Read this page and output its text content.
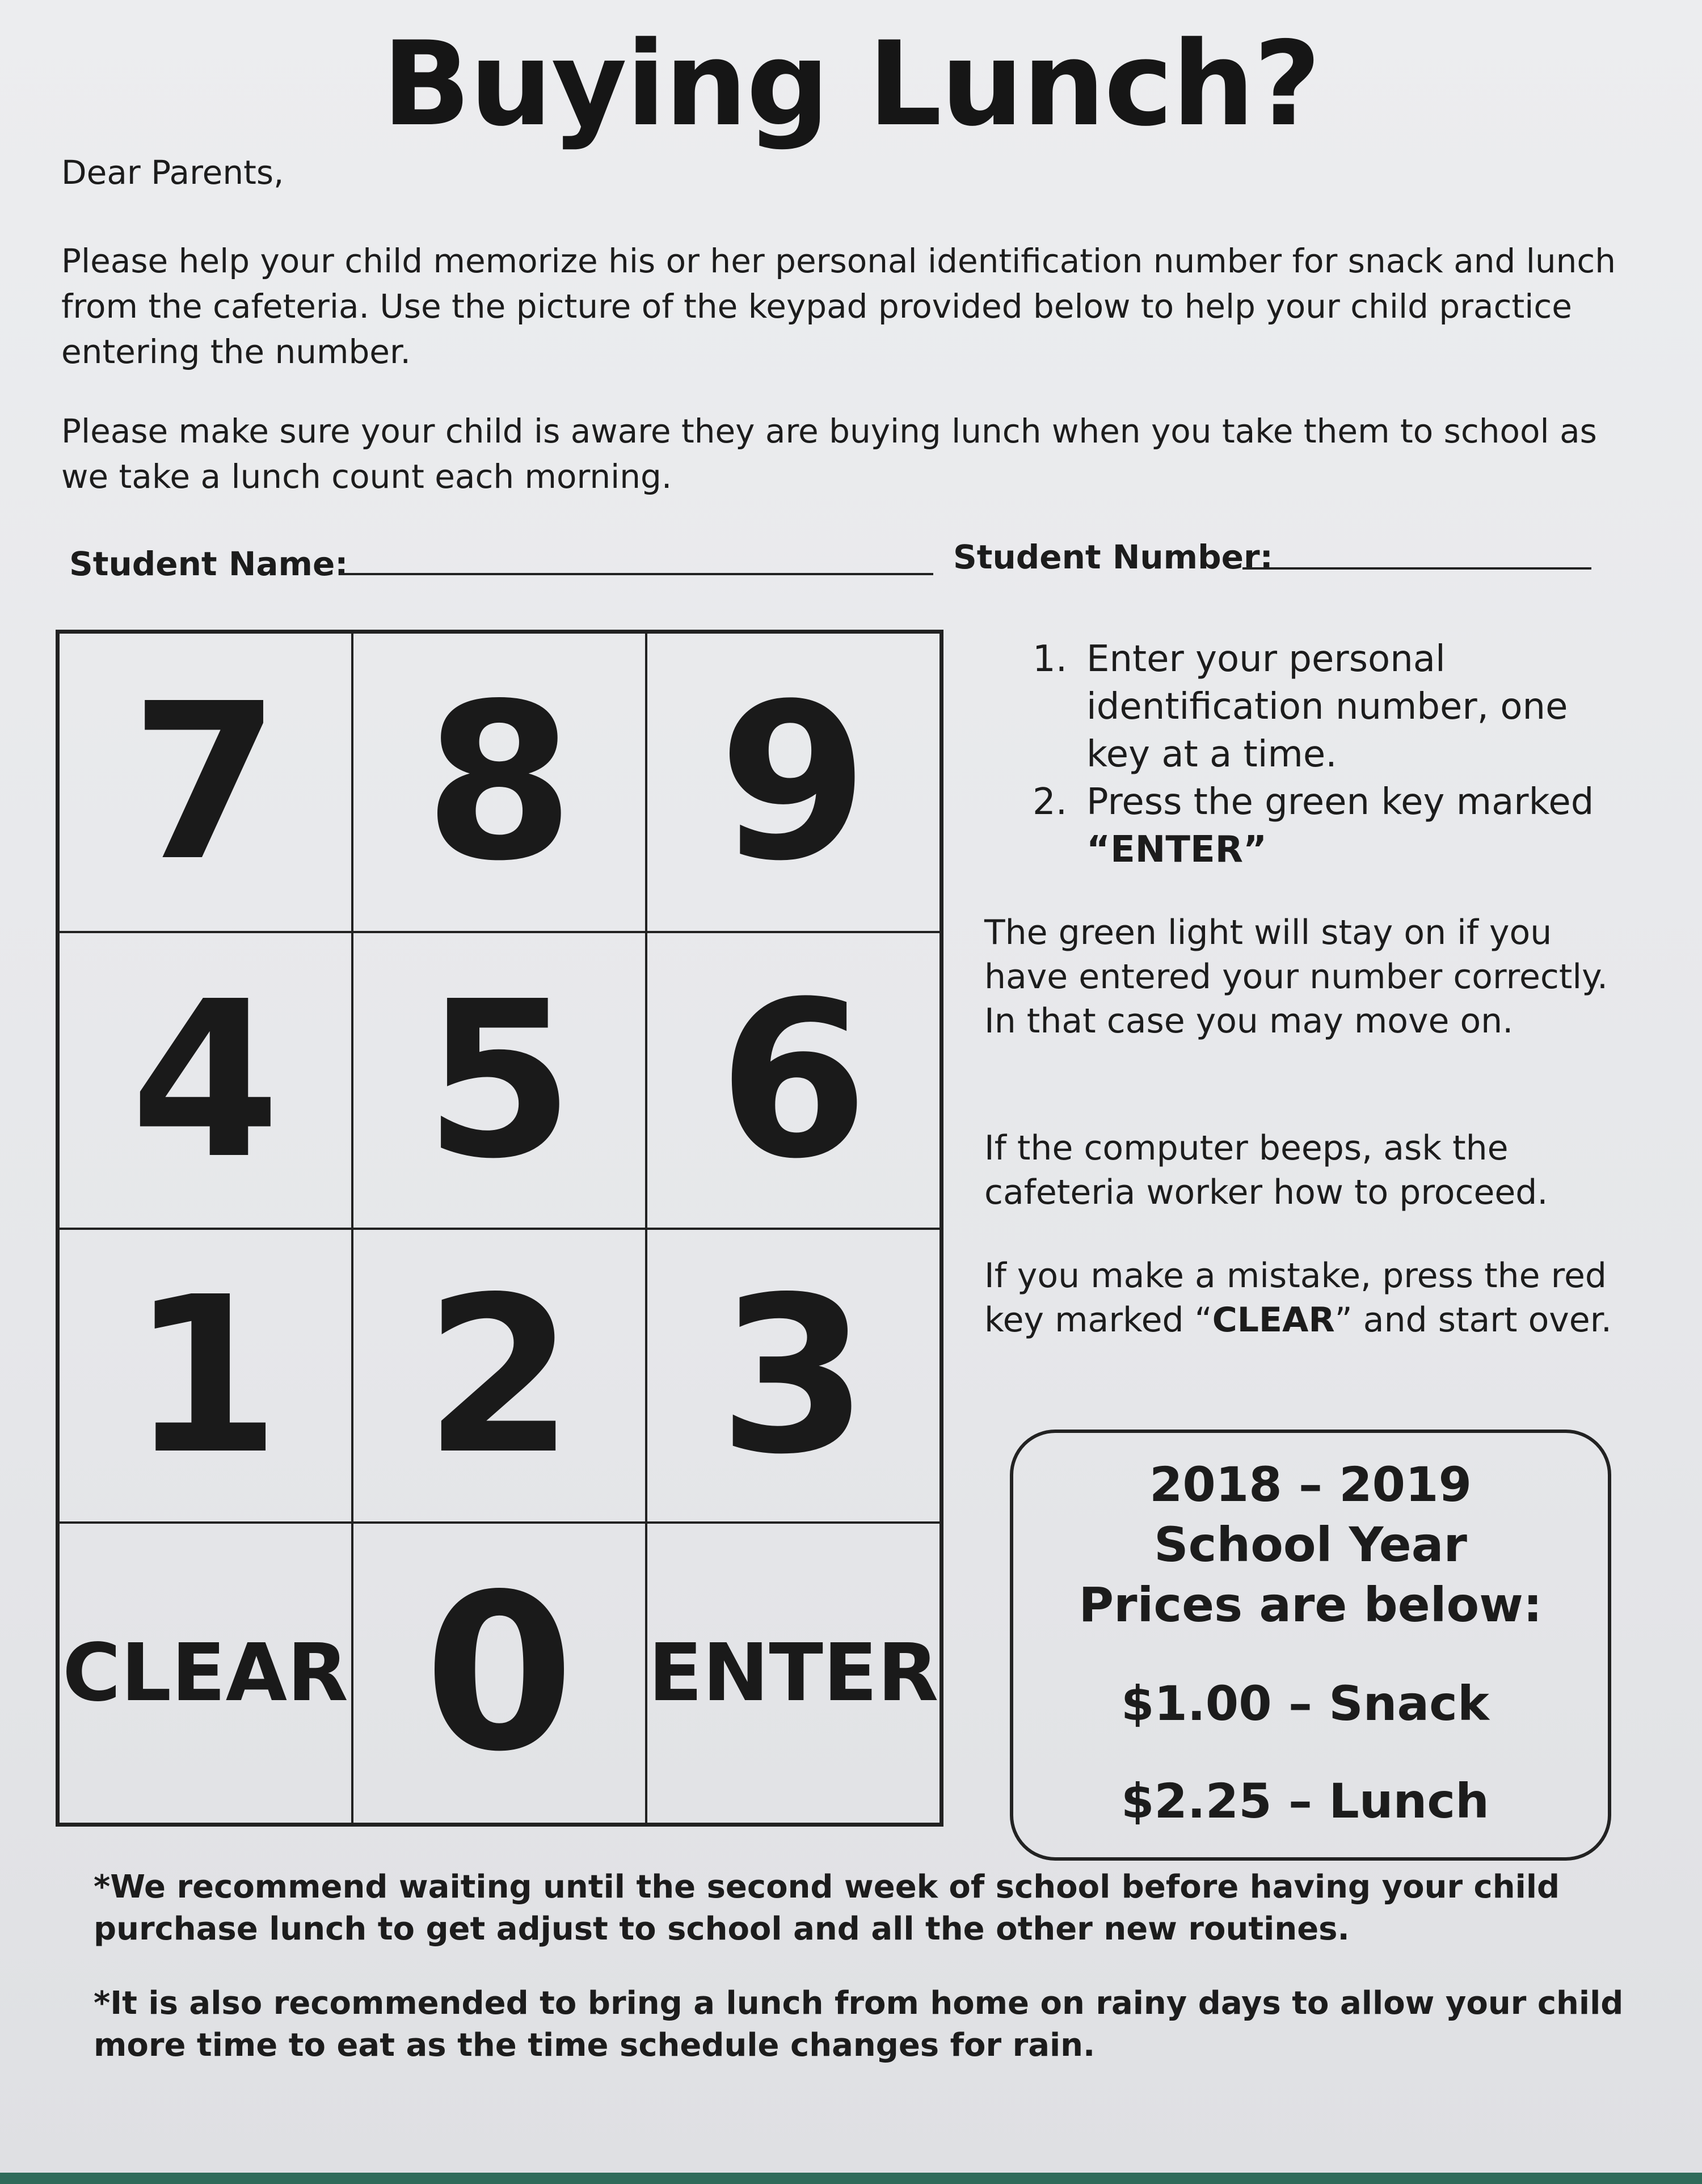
Buying Lunch?
Dear Parents,

Please help your child memorize his or her personal identification number for snack and lunch from the cafeteria. Use the picture of the keypad provided below to help your child practice entering the number.

Please make sure your child is aware they are buying lunch when you take them to school as we take a lunch count each morning.

Student Name:	Student Number:
7 8 9
4 5 6
1 2 3
CLEAR 0 ENTER
1. Enter your personal identification number, one key at a time.
2. Press the green key marked “ENTER”

The green light will stay on if you have entered your number correctly. In that case you may move on.

If the computer beeps, ask the cafeteria worker how to proceed.

If you make a mistake, press the red key marked “CLEAR” and start over.

2018 – 2019
School Year
Prices are below:
$1.00 – Snack
$2.25 – Lunch

*We recommend waiting until the second week of school before having your child purchase lunch to get adjust to school and all the other new routines.

*It is also recommended to bring a lunch from home on rainy days to allow your child more time to eat as the time schedule changes for rain.
